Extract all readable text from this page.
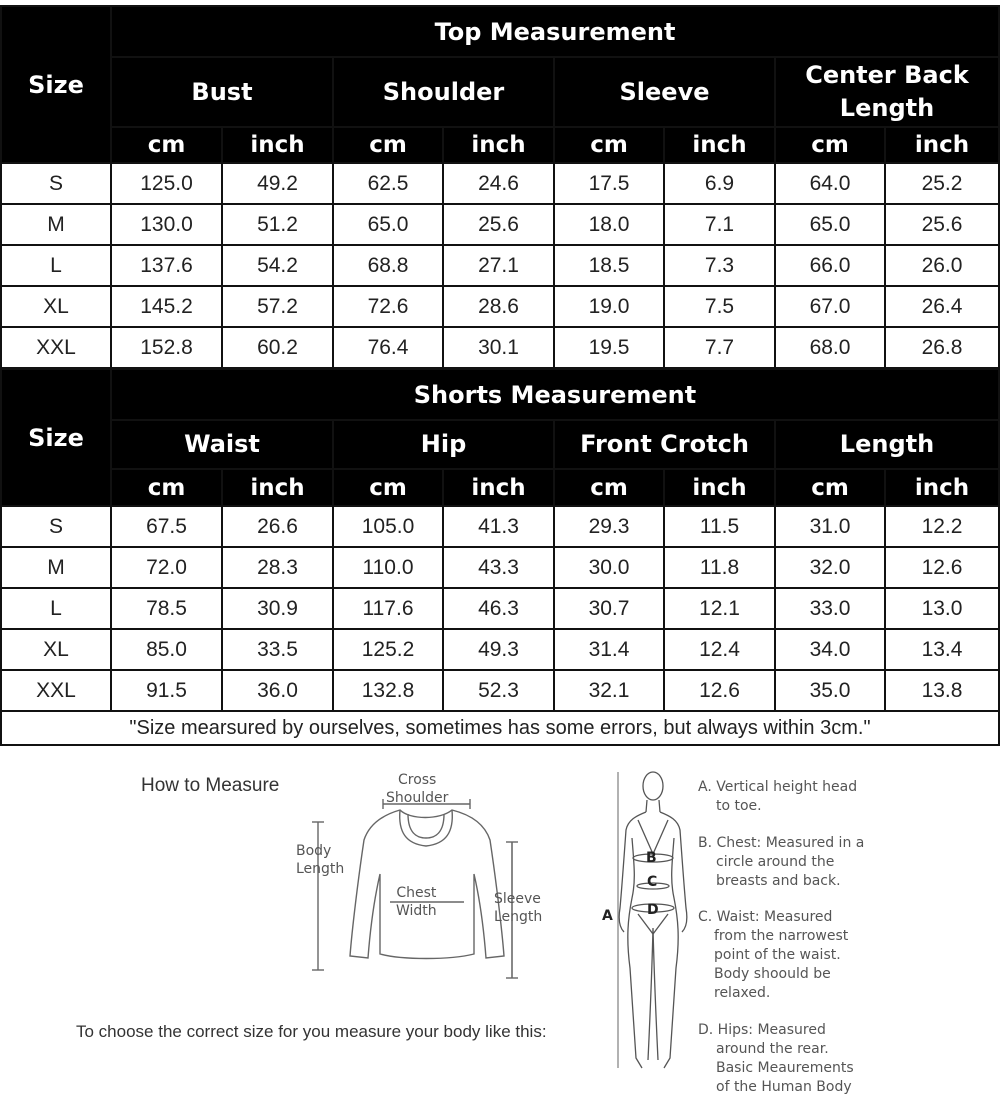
Size	Top Measurement							
	Bust		Shoulder		Sleeve		Center Back Length	
	cm	inch	cm	inch	cm	inch	cm	inch
S	125.0	49.2	62.5	24.6	17.5	6.9	64.0	25.2
M	130.0	51.2	65.0	25.6	18.0	7.1	65.0	25.6
L	137.6	54.2	68.8	27.1	18.5	7.3	66.0	26.0
XL	145.2	57.2	72.6	28.6	19.0	7.5	67.0	26.4
XXL	152.8	60.2	76.4	30.1	19.5	7.7	68.0	26.8
Size	Shorts Measurement							
	Waist		Hip		Front Crotch		Length	
	cm	inch	cm	inch	cm	inch	cm	inch
S	67.5	26.6	105.0	41.3	29.3	11.5	31.0	12.2
M	72.0	28.3	110.0	43.3	30.0	11.8	32.0	12.6
L	78.5	30.9	117.6	46.3	30.7	12.1	33.0	13.0
XL	85.0	33.5	125.2	49.3	31.4	12.4	34.0	13.4
XXL	91.5	36.0	132.8	52.3	32.1	12.6	35.0	13.8
"Size mearsured by ourselves, sometimes has some errors, but always within 3cm."								
How to Measure	Cross
Shoulder
Body
Length
Chest
Width
Sleeve
Length
To choose the correct size for you measure your body like this:
A
B
C
D
A. Vertical height head
to toe.
B. Chest: Measured in a
circle around the
breasts and back.
C. Waist: Measured
from the narrowest
point of the waist.
Body shoould be
relaxed.
D. Hips: Measured
around the rear.
Basic Meaurements
of the Human Body
